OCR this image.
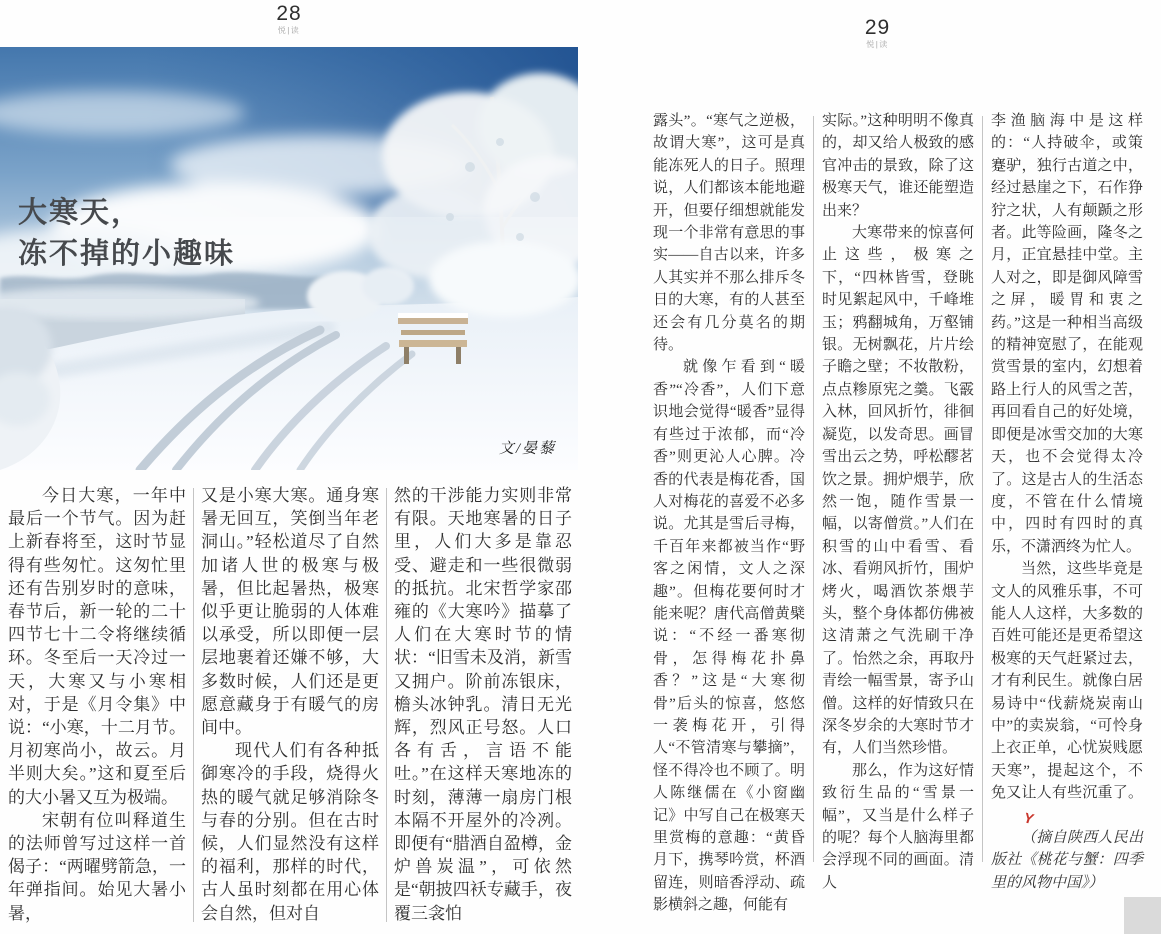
28
悦|读
大寒天，
冻不掉的小趣味
文/晏藜

今日大寒，一年中最后一个节气。因为赶上新春将至，这时节显得有些匆忙。这匆忙里还有告别岁时的意味，春节后，新一轮的二十四节七十二令将继续循环。冬至后一天冷过一天，大寒又与小寒相对，于是《月令集》中说：“小寒，十二月节。月初寒尚小，故云。月半则大矣。”这和夏至后的大小暑又互为极端。

宋朝有位叫释道生的法师曾写过这样一首偈子：“两曜劈箭急，一年弹指间。始见大暑小暑，

又是小寒大寒。通身寒暑无回互，笑倒当年老洞山。”轻松道尽了自然加诸人世的极寒与极暑，但比起暑热，极寒似乎更让脆弱的人体难以承受，所以即便一层层地裹着还嫌不够，大多数时候，人们还是更愿意藏身于有暖气的房间中。

现代人们有各种抵御寒冷的手段，烧得火热的暖气就足够消除冬与春的分别。但在古时候，人们显然没有这样的福利，那样的时代，古人虽时刻都在用心体会自然，但对自

然的干涉能力实则非常有限。天地寒暑的日子里，人们大多是靠忍受、避走和一些很微弱的抵抗。北宋哲学家邵雍的《大寒吟》描摹了人们在大寒时节的情状：“旧雪未及消，新雪又拥户。阶前冻银床，檐头冰钟乳。清日无光辉，烈风正号怒。人口各有舌，言语不能吐。”在这样天寒地冻的时刻，薄薄一扇房门根本隔不开屋外的冷冽。即便有“腊酒自盈樽，金炉兽炭温”，可依然是“朝披四袄专藏手，夜覆三衾怕

29
悦|读

露头”。“寒气之逆极，故谓大寒”，这可是真能冻死人的日子。照理说，人们都该本能地避开，但要仔细想就能发现一个非常有意思的事实——自古以来，许多人其实并不那么排斥冬日的大寒，有的人甚至还会有几分莫名的期待。

就像乍看到“暖香”“冷香”，人们下意识地会觉得“暖香”显得有些过于浓郁，而“冷香”则更沁人心脾。冷香的代表是梅花香，国人对梅花的喜爱不必多说。尤其是雪后寻梅，千百年来都被当作“野客之闲情，文人之深趣”。但梅花要何时才能来呢？唐代高僧黄檗说：“不经一番寒彻骨，怎得梅花扑鼻香？”这是“大寒彻骨”后头的惊喜，悠悠一袭梅花开，引得人“不管清寒与攀摘”，怪不得冷也不顾了。明人陈继儒在《小窗幽记》中写自己在极寒天里赏梅的意趣：“黄昏月下，携琴吟赏，杯酒留连，则暗香浮动、疏影横斜之趣，何能有

实际。”这种明明不像真的，却又给人极致的感官冲击的景致，除了这极寒天气，谁还能塑造出来？

大寒带来的惊喜何止这些，极寒之下，“四林皆雪，登眺时见絮起风中，千峰堆玉；鸦翻城角，万壑铺银。无树飘花，片片绘子瞻之壁；不妆散粉，点点糁原宪之羹。飞霰入林，回风折竹，徘徊凝览，以发奇思。画冒雪出云之势，呼松醪茗饮之景。拥炉煨芋，欣然一饱，随作雪景一幅，以寄僧赏。”人们在积雪的山中看雪、看冰、看朔风折竹，围炉烤火，喝酒饮茶煨芋头，整个身体都仿佛被这清萧之气洗刷干净了。怡然之余，再取丹青绘一幅雪景，寄予山僧。这样的好情致只在深冬岁余的大寒时节才有，人们当然珍惜。

那么，作为这好情致衍生品的“雪景一幅”，又当是什么样子的呢？每个人脑海里都会浮现不同的画面。清人

李渔脑海中是这样的：“人持破伞，或策蹇驴，独行古道之中，经过悬崖之下，石作狰狞之状，人有颠踬之形者。此等险画，隆冬之月，正宜悬挂中堂。主人对之，即是御风障雪之屏，暖胃和衷之药。”这是一种相当高级的精神宽慰了，在能观赏雪景的室内，幻想着路上行人的风雪之苦，再回看自己的好处境，即便是冰雪交加的大寒天，也不会觉得太冷了。这是古人的生活态度，不管在什么情境中，四时有四时的真乐，不潇洒终为忙人。

当然，这些毕竟是文人的风雅乐事，不可能人人这样，大多数的百姓可能还是更希望这极寒的天气赶紧过去，才有利民生。就像白居易诗中“伐薪烧炭南山中”的卖炭翁，“可怜身上衣正单，心忧炭贱愿天寒”，提起这个，不免又让人有些沉重了。Y

（摘自陕西人民出版社《桃花与蟹：四季里的风物中国》）
